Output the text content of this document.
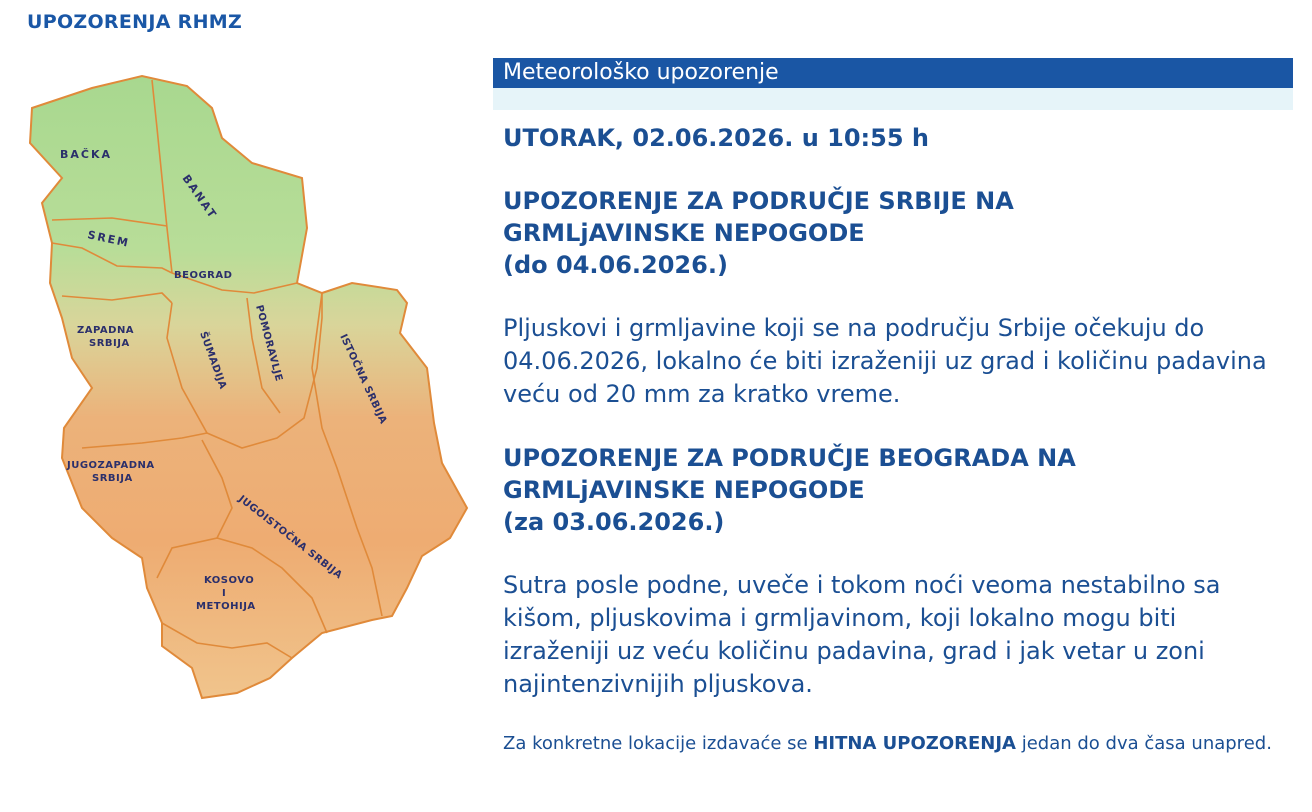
UPOZORENJA RHMZ
BAČKA
BANAT
SREM
BEOGRAD
ZAPADNA
SRBIJA	ŠUMADIJA POMORAVLJE	ISTOČNA SRBIJA
JUGOZAPADNA
SRBIJA
JUGOISTOČNA SRBIJA
KOSOVO
I
METOHIJA
Meteorološko upozorenje
UTORAK, 02.06.2026. u 10:55 h
UPOZORENJE ZA PODRUČJE SRBIJE NA
GRMLjAVINSKE NEPOGODE
(do 04.06.2026.)
Pljuskovi i grmljavine koji se na području Srbije očekuju do 04.06.2026, lokalno će biti izraženiji uz grad i količinu padavina veću od 20 mm za kratko vreme.
UPOZORENJE ZA PODRUČJE BEOGRADA NA
GRMLjAVINSKE NEPOGODE
(za 03.06.2026.)
Sutra posle podne, uveče i tokom noći veoma nestabilno sa kišom, pljuskovima i grmljavinom, koji lokalno mogu biti izraženiji uz veću količinu padavina, grad i jak vetar u zoni najintenzivnijih pljuskova.
Za konkretne lokacije izdavaće se HITNA UPOZORENJA jedan do dva časa unapred.
